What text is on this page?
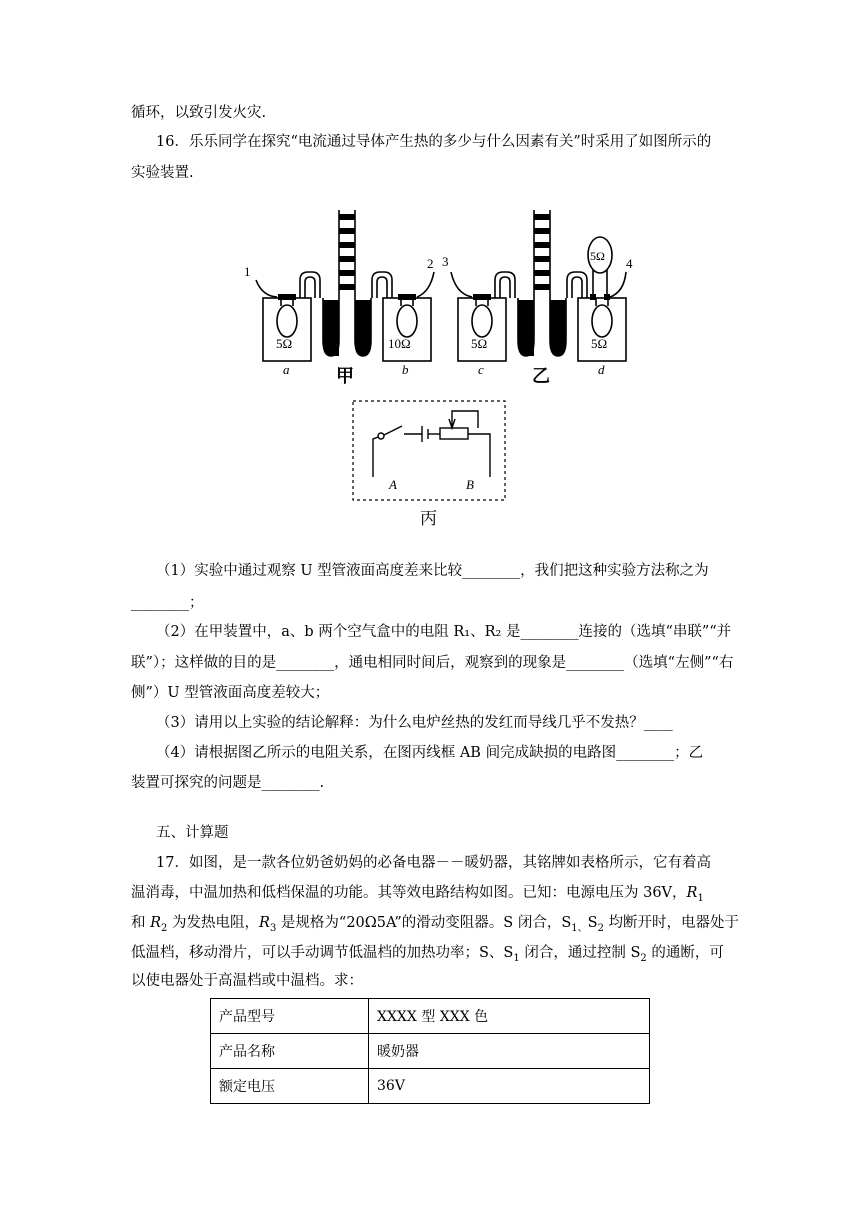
循环，以致引发火灾.
16．乐乐同学在探究“电流通过导体产生热的多少与什么因素有关”时采用了如图所示的
实验装置.
1
2 3	4
5Ω	10Ω	5Ω	5Ω
5Ω
a	b	c	d
甲	乙
A	B
丙
（1）实验中通过观察 U 型管液面高度差来比较________，我们把这种实验方法称之为
________；
（2）在甲装置中，a、b 两个空气盒中的电阻 R₁、R₂ 是________连接的（选填“串联”“并
联”）；这样做的目的是________，通电相同时间后，观察到的现象是________（选填“左侧”“右
侧”）U 型管液面高度差较大；
（3）请用以上实验的结论解释：为什么电炉丝热的发红而导线几乎不发热？____
（4）请根据图乙所示的电阻关系，在图丙线框 AB 间完成缺损的电路图________；乙
装置可探究的问题是________.
五、计算题
17．如图，是一款各位奶爸奶妈的必备电器－－暖奶器，其铭牌如表格所示，它有着高
温消毒，中温加热和低档保温的功能。其等效电路结构如图。已知：电源电压为 36V，$R_1$
和 $R_2$ 为发热电阻，$R_3$ 是规格为“20Ω5A”的滑动变阻器。S 闭合，$S_{1、}S_2$ 均断开时，电器处于
低温档，移动滑片，可以手动调节低温档的加热功率；S、$S_1$ 闭合，通过控制 $S_2$ 的通断，可
以使电器处于高温档或中温档。求：
产品型号	XXXX 型 XXX 色
产品名称	暖奶器
额定电压	36V
